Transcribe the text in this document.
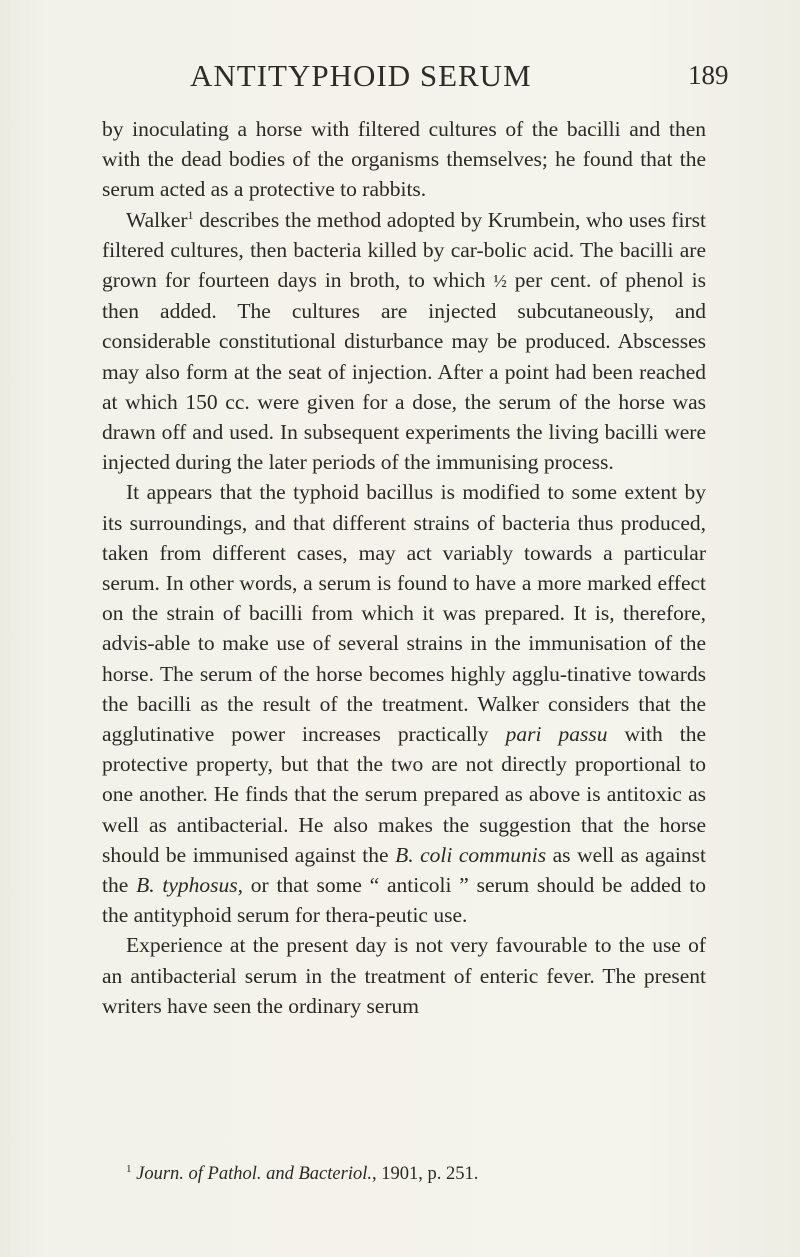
ANTITYPHOID SERUM	189

by inoculating a horse with filtered cultures of the bacilli and then with the dead bodies of the organisms themselves; he found that the serum acted as a protective to rabbits.

Walker$^1$ describes the method adopted by Krumbein, who uses first filtered cultures, then bacteria killed by car-bolic acid. The bacilli are grown for fourteen days in broth, to which ½ per cent. of phenol is then added. The cultures are injected subcutaneously, and considerable constitutional disturbance may be produced. Abscesses may also form at the seat of injection. After a point had been reached at which 150 cc. were given for a dose, the serum of the horse was drawn off and used. In subsequent experiments the living bacilli were injected during the later periods of the immunising process.

It appears that the typhoid bacillus is modified to some extent by its surroundings, and that different strains of bacteria thus produced, taken from different cases, may act variably towards a particular serum. In other words, a serum is found to have a more marked effect on the strain of bacilli from which it was prepared. It is, therefore, advis-able to make use of several strains in the immunisation of the horse. The serum of the horse becomes highly agglu-tinative towards the bacilli as the result of the treatment. Walker considers that the agglutinative power increases practically pari passu with the protective property, but that the two are not directly proportional to one another. He finds that the serum prepared as above is antitoxic as well as antibacterial. He also makes the suggestion that the horse should be immunised against the B. coli communis as well as against the B. typhosus, or that some “ anticoli ” serum should be added to the antityphoid serum for thera-peutic use.

Experience at the present day is not very favourable to the use of an antibacterial serum in the treatment of enteric fever. The present writers have seen the ordinary serum

$^1$ Journ. of Pathol. and Bacteriol., 1901, p. 251.
